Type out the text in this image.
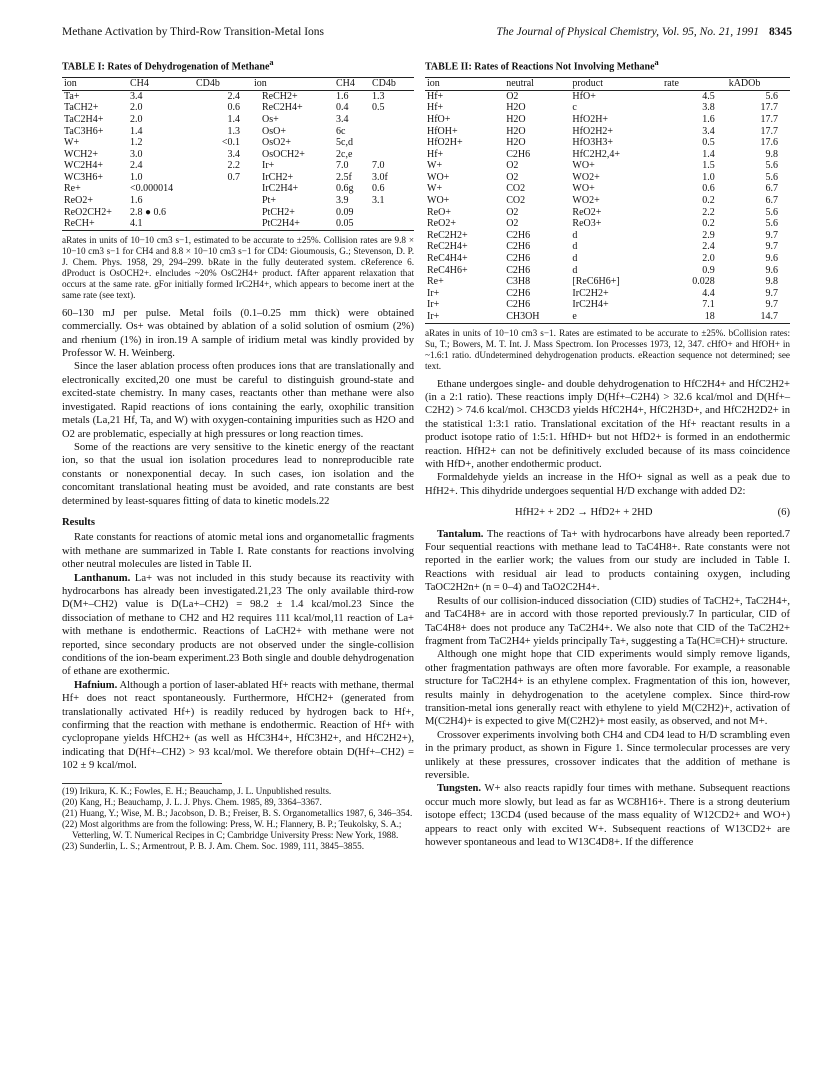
Methane Activation by Third-Row Transition-Metal Ions	The Journal of Physical Chemistry, Vol. 95, No. 21, 1991 8345
TABLE I: Rates of Dehydrogenation of Methane$^a$
ion	CH4	CD4b	ion	CH4	CD4b
Ta+	3.4	2.4	ReCH2+	1.6	1.3
TaCH2+	2.0	0.6	ReC2H4+	0.4	0.5
TaC2H4+	2.0	1.4	Os+	3.4	
TaC3H6+	1.4	1.3	OsO+	6c	
W+	1.2	<0.1	OsO2+	5c,d	
WCH2+	3.0	3.4	OsOCH2+	2c,e	
WC2H4+	2.4	2.2	Ir+	7.0	7.0
WC3H6+	1.0	0.7	IrCH2+	2.5f	3.0f
Re+	<0.000014		IrC2H4+	0.6g	0.6
ReO2+	1.6		Pt+	3.9	3.1
ReO2CH2+	2.8 ● 0.6		PtCH2+	0.09	
ReCH+	4.1		PtC2H4+	0.05	
aRates in units of 10−10 cm3 s−1, estimated to be accurate to ±25%. Collision rates are 9.8 × 10−10 cm3 s−1 for CH4 and 8.8 × 10−10 cm3 s−1 for CD4: Gioumousis, G.; Stevenson, D. P. J. Chem. Phys. 1958, 29, 294–299. bRate in the fully deuterated system. cReference 6. dProduct is OsOCH2+. eIncludes ~20% OsC2H4+ product. fAfter apparent relaxation that occurs at the same rate. gFor initially formed IrC2H4+, which appears to become inert at the same rate (see text).

60–130 mJ per pulse. Metal foils (0.1–0.25 mm thick) were obtained commercially. Os+ was obtained by ablation of a solid solution of osmium (2%) and rhenium (1%) in iron.19 A sample of iridium metal was kindly provided by Professor W. H. Weinberg.

Since the laser ablation process often produces ions that are translationally and electronically excited,20 one must be careful to distinguish ground-state and excited-state chemistry. In many cases, reactants other than methane were also investigated. Rapid reactions of ions containing the early, oxophilic transition metals (La,21 Hf, Ta, and W) with oxygen-containing impurities such as H2O and O2 are problematic, especially at high pressures or long reaction times.

Some of the reactions are very sensitive to the kinetic energy of the reactant ion, so that the usual ion isolation procedures lead to nonreproducible rate constants or nonexponential decay. In such cases, ion isolation and the concomitant translational heating must be avoided, and rate constants are best determined by least-squares fitting of data to kinetic models.22

Results

Rate constants for reactions of atomic metal ions and organometallic fragments with methane are summarized in Table I. Rate constants for reactions involving other neutral molecules are listed in Table II.

Lanthanum. La+ was not included in this study because its reactivity with hydrocarbons has already been investigated.21,23 The only available third-row D(M+–CH2) value is D(La+–CH2) = 98.2 ± 1.4 kcal/mol.23 Since the dissociation of methane to CH2 and H2 requires 111 kcal/mol,11 reaction of La+ with methane is endothermic. Reactions of LaCH2+ with methane were not reported, since secondary products are not observed under the single-collision conditions of the ion-beam experiment.23 Both single and double dehydrogenation of ethane are exothermic.

Hafnium. Although a portion of laser-ablated Hf+ reacts with methane, thermal Hf+ does not react spontaneously. Furthermore, HfCH2+ (generated from translationally activated Hf+) is readily reduced by hydrogen back to Hf+, confirming that the reaction with methane is endothermic. Reaction of Hf+ with cyclopropane yields HfCH2+ (as well as HfC3H4+, HfC3H2+, and HfC2H2+), indicating that D(Hf+–CH2) > 93 kcal/mol. We therefore obtain D(Hf+–CH2) = 102 ± 9 kcal/mol.

(19) Irikura, K. K.; Fowles, E. H.; Beauchamp, J. L. Unpublished results.
(20) Kang, H.; Beauchamp, J. L. J. Phys. Chem. 1985, 89, 3364–3367.
(21) Huang, Y.; Wise, M. B.; Jacobson, D. B.; Freiser, B. S. Organometallics 1987, 6, 346–354.
(22) Most algorithms are from the following: Press, W. H.; Flannery, B. P.; Teukolsky, S. A.; Vetterling, W. T. Numerical Recipes in C; Cambridge University Press: New York, 1988.
(23) Sunderlin, L. S.; Armentrout, P. B. J. Am. Chem. Soc. 1989, 111, 3845–3855.
TABLE II: Rates of Reactions Not Involving Methane$^a$
ion	neutral	product	rate	kADOb
Hf+	O2	HfO+	4.5	5.6
Hf+	H2O	c	3.8	17.7
HfO+	H2O	HfO2H+	1.6	17.7
HfOH+	H2O	HfO2H2+	3.4	17.7
HfO2H+	H2O	HfO3H3+	0.5	17.6
Hf+	C2H6	HfC2H2,4+	1.4	9.8
W+	O2	WO+	1.5	5.6
WO+	O2	WO2+	1.0	5.6
W+	CO2	WO+	0.6	6.7
WO+	CO2	WO2+	0.2	6.7
ReO+	O2	ReO2+	2.2	5.6
ReO2+	O2	ReO3+	0.2	5.6
ReC2H2+	C2H6	d	2.9	9.7
ReC2H4+	C2H6	d	2.4	9.7
ReC4H4+	C2H6	d	2.0	9.6
ReC4H6+	C2H6	d	0.9	9.6
Re+	C3H8	[ReC6H6+]	0.028	9.8
Ir+	C2H6	IrC2H2+	4.4	9.7
Ir+	C2H6	IrC2H4+	7.1	9.7
Ir+	CH3OH	e	18	14.7
aRates in units of 10−10 cm3 s−1. Rates are estimated to be accurate to ±25%. bCollision rates: Su, T.; Bowers, M. T. Int. J. Mass Spectrom. Ion Processes 1973, 12, 347. cHfO+ and HfOH+ in ~1.6:1 ratio. dUndetermined dehydrogenation products. eReaction sequence not determined; see text.

Ethane undergoes single- and double dehydrogenation to HfC2H4+ and HfC2H2+ (in a 2:1 ratio). These reactions imply D(Hf+–C2H4) > 32.6 kcal/mol and D(Hf+–C2H2) > 74.6 kcal/mol. CH3CD3 yields HfC2H4+, HfC2H3D+, and HfC2H2D2+ in the statistical 1:3:1 ratio. Translational excitation of the Hf+ reactant results in a product isotope ratio of 1:5:1. HfHD+ but not HfD2+ is formed in an endothermic reaction. HfH2+ can not be definitively excluded because of its mass coincidence with HfD+, another endothermic product.

Formaldehyde yields an increase in the HfO+ signal as well as a peak due to HfH2+. This dihydride undergoes sequential H/D exchange with added D2:

HfH2+ + 2D2 → HfD2+ + 2HD	(6)

Tantalum. The reactions of Ta+ with hydrocarbons have already been reported.7 Four sequential reactions with methane lead to TaC4H8+. Rate constants were not reported in the earlier work; the values from our study are included in Table I. Reactions with residual air lead to products containing oxygen, including TaOC2H2n+ (n = 0–4) and TaO2C2H4+.

Results of our collision-induced dissociation (CID) studies of TaCH2+, TaC2H4+, and TaC4H8+ are in accord with those reported previously.7 In particular, CID of TaC4H8+ does not produce any TaC2H4+. We also note that CID of the TaC2H2+ fragment from TaC2H4+ yields principally Ta+, suggesting a Ta(HC≡CH)+ structure.

Although one might hope that CID experiments would simply remove ligands, other fragmentation pathways are often more favorable. For example, a reasonable structure for TaC2H4+ is an ethylene complex. Fragmentation of this ion, however, results mainly in dehydrogenation to the acetylene complex. Since third-row transition-metal ions generally react with ethylene to yield M(C2H2)+, activation of M(C2H4)+ is expected to give M(C2H2)+ most easily, as observed, and not M+.

Crossover experiments involving both CH4 and CD4 lead to H/D scrambling even in the primary product, as shown in Figure 1. Since termolecular processes are very unlikely at these pressures, crossover indicates that the addition of methane is reversible.

Tungsten. W+ also reacts rapidly four times with methane. Subsequent reactions occur much more slowly, but lead as far as WC8H16+. There is a strong deuterium isotope effect; 13CD4 (used because of the mass equality of W12CD2+ and WO+) appears to react only with excited W+. Subsequent reactions of W13CD2+ are however spontaneous and lead to W13C4D8+. If the difference
